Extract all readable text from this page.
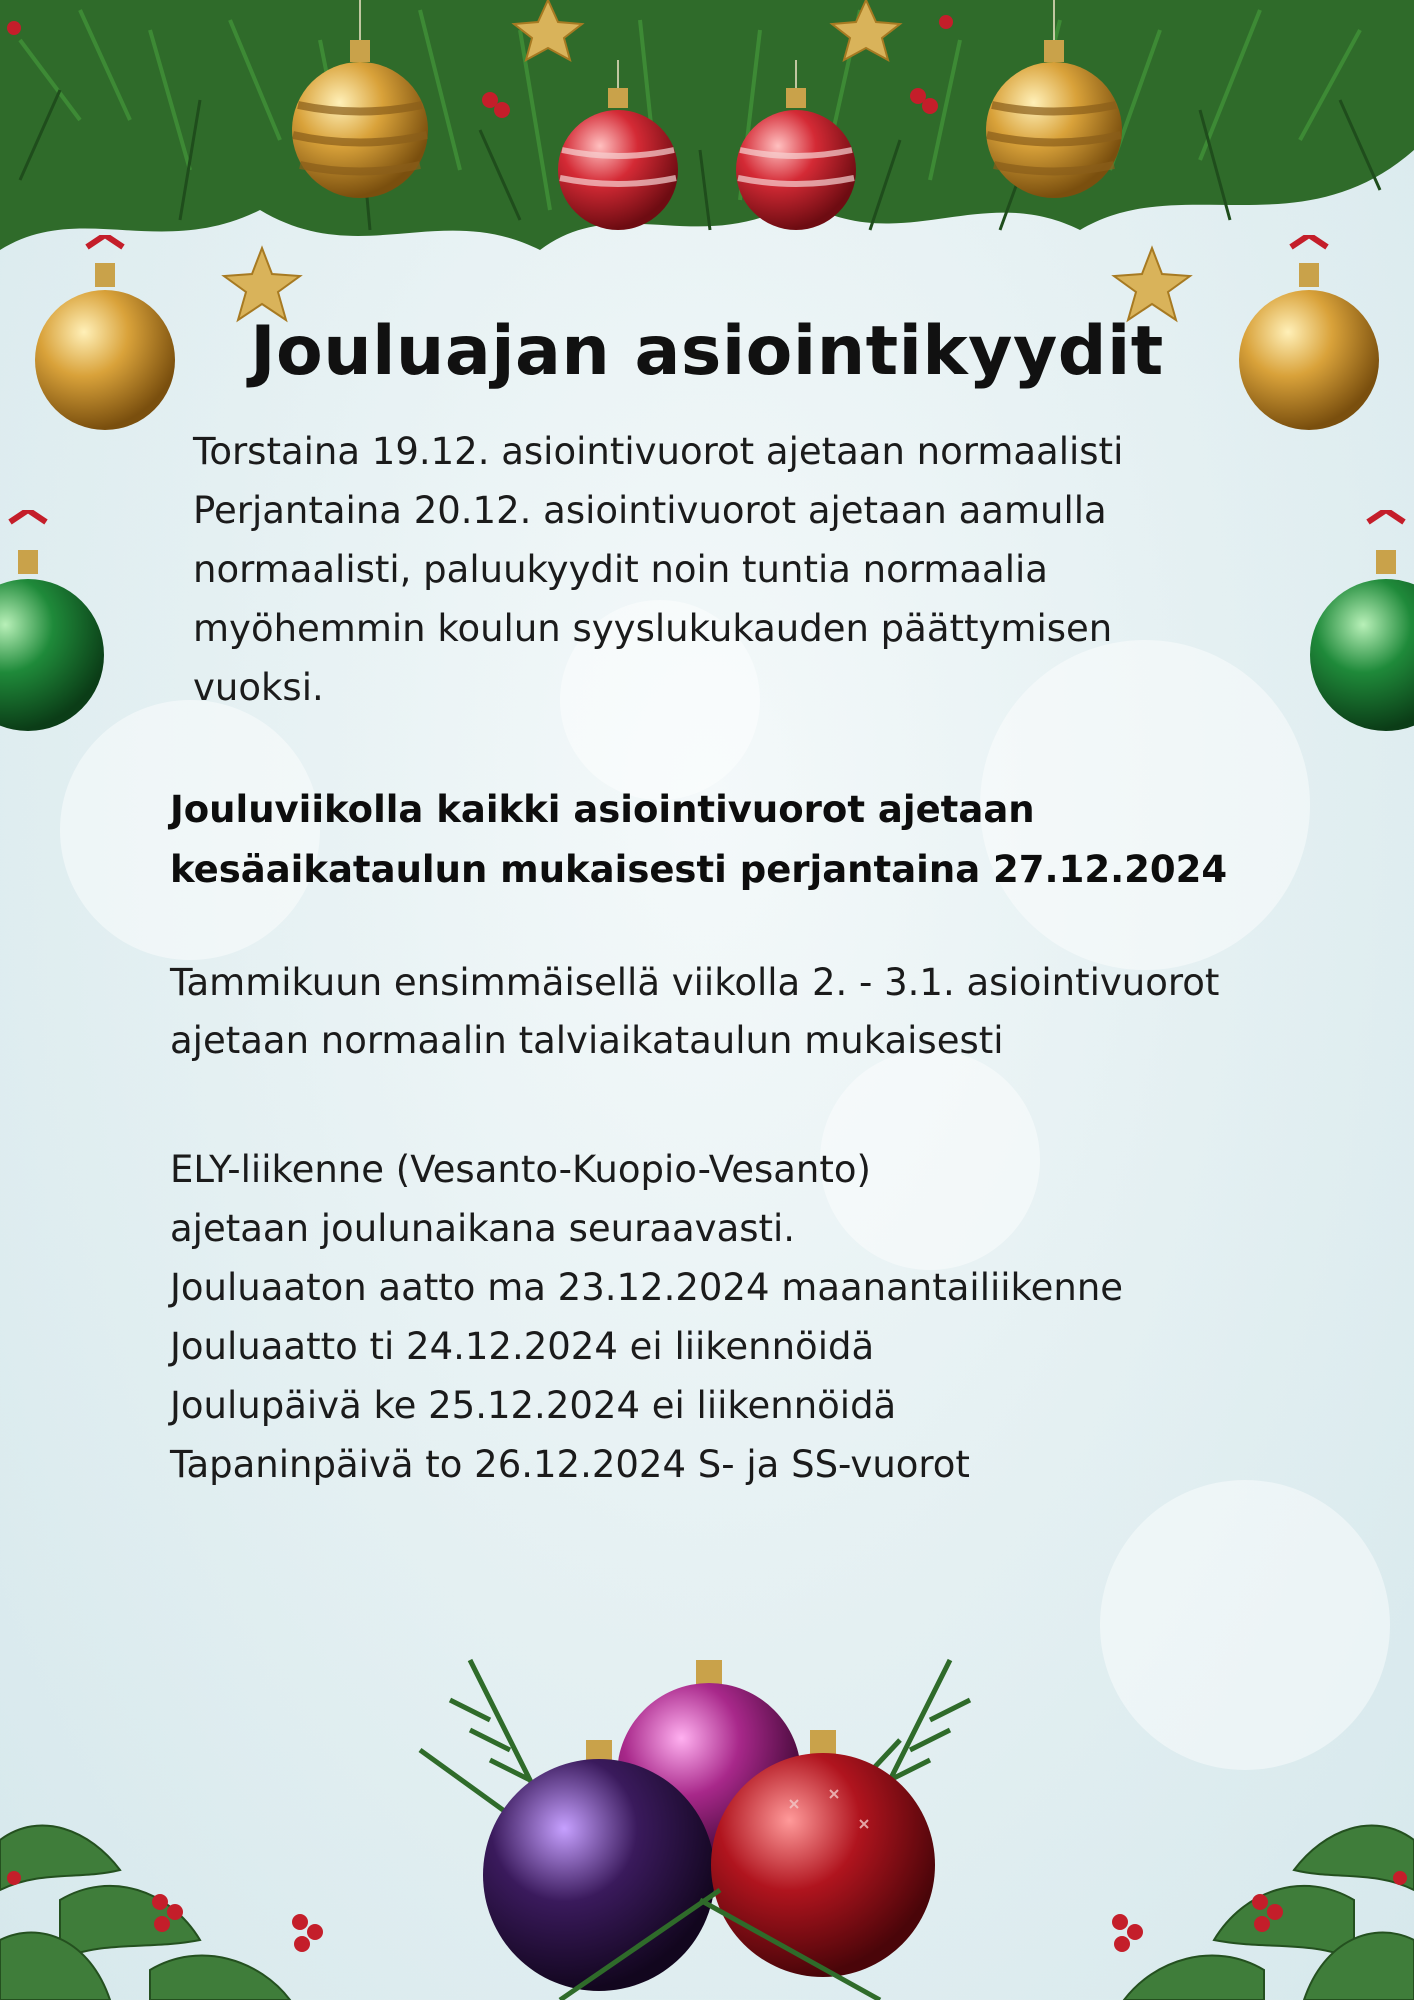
Jouluajan asiointikyydit
Torstaina 19.12. asiointivuorot ajetaan normaalisti
Perjantaina 20.12. asiointivuorot ajetaan aamulla
normaalisti, paluukyydit noin tuntia normaalia
myöhemmin koulun syyslukukauden päättymisen
vuoksi.
Jouluviikolla kaikki asiointivuorot ajetaan
kesäaikataulun mukaisesti perjantaina 27.12.2024
Tammikuun ensimmäisellä viikolla 2. - 3.1. asiointivuorot
ajetaan normaalin talviaikataulun mukaisesti
ELY-liikenne (Vesanto-Kuopio-Vesanto)
ajetaan joulunaikana seuraavasti.
Jouluaaton aatto ma 23.12.2024 maanantailiikenne
Jouluaatto ti 24.12.2024 ei liikennöidä
Joulupäivä ke 25.12.2024 ei liikennöidä
Tapaninpäivä to 26.12.2024 S- ja SS-vuorot
